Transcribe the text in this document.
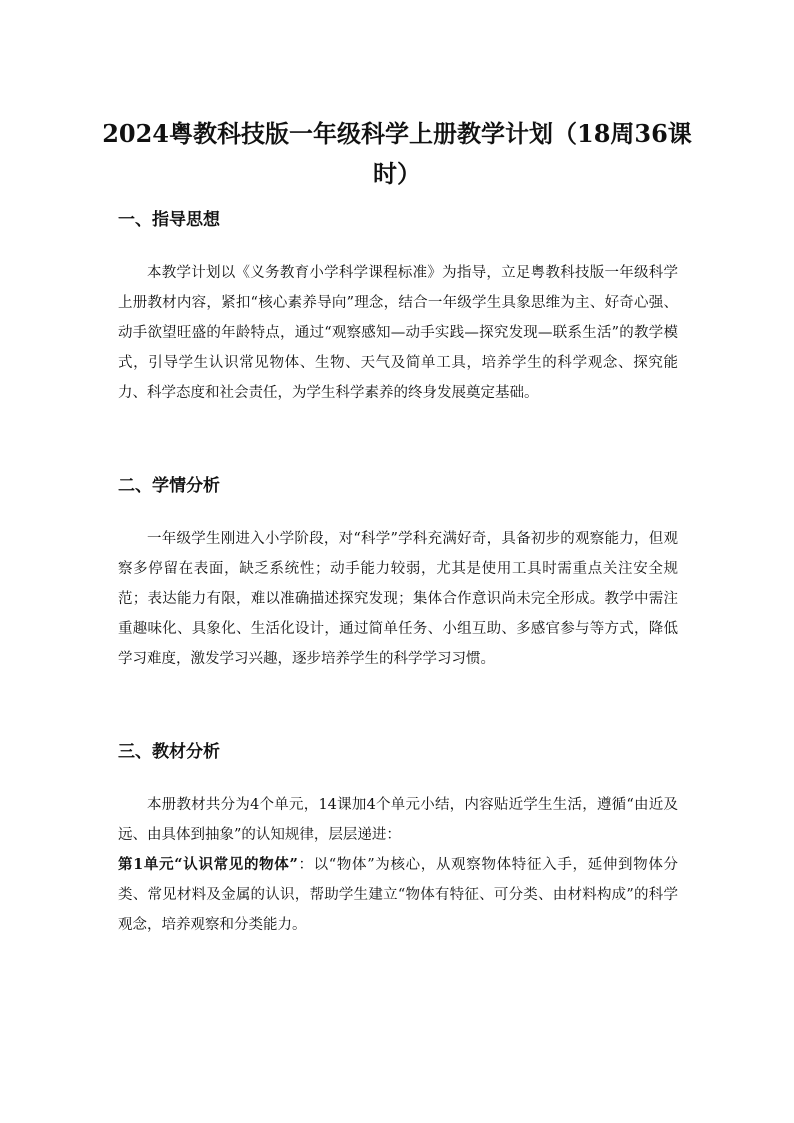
2024粤教科技版一年级科学上册教学计划（18周36课时）
一、指导思想

本教学计划以《义务教育小学科学课程标准》为指导，立足粤教科技版一年级科学上册教材内容，紧扣“核心素养导向”理念，结合一年级学生具象思维为主、好奇心强、动手欲望旺盛的年龄特点，通过“观察感知—动手实践—探究发现—联系生活”的教学模式，引导学生认识常见物体、生物、天气及简单工具，培养学生的科学观念、探究能力、科学态度和社会责任，为学生科学素养的终身发展奠定基础。

二、学情分析

一年级学生刚进入小学阶段，对“科学”学科充满好奇，具备初步的观察能力，但观察多停留在表面，缺乏系统性；动手能力较弱，尤其是使用工具时需重点关注安全规范；表达能力有限，难以准确描述探究发现；集体合作意识尚未完全形成。教学中需注重趣味化、具象化、生活化设计，通过简单任务、小组互助、多感官参与等方式，降低学习难度，激发学习兴趣，逐步培养学生的科学学习习惯。

三、教材分析

本册教材共分为4个单元，14课加4个单元小结，内容贴近学生生活，遵循“由近及远、由具体到抽象”的认知规律，层层递进：

第1单元“认识常见的物体”：以“物体”为核心，从观察物体特征入手，延伸到物体分类、常见材料及金属的认识，帮助学生建立“物体有特征、可分类、由材料构成”的科学观念，培养观察和分类能力。
